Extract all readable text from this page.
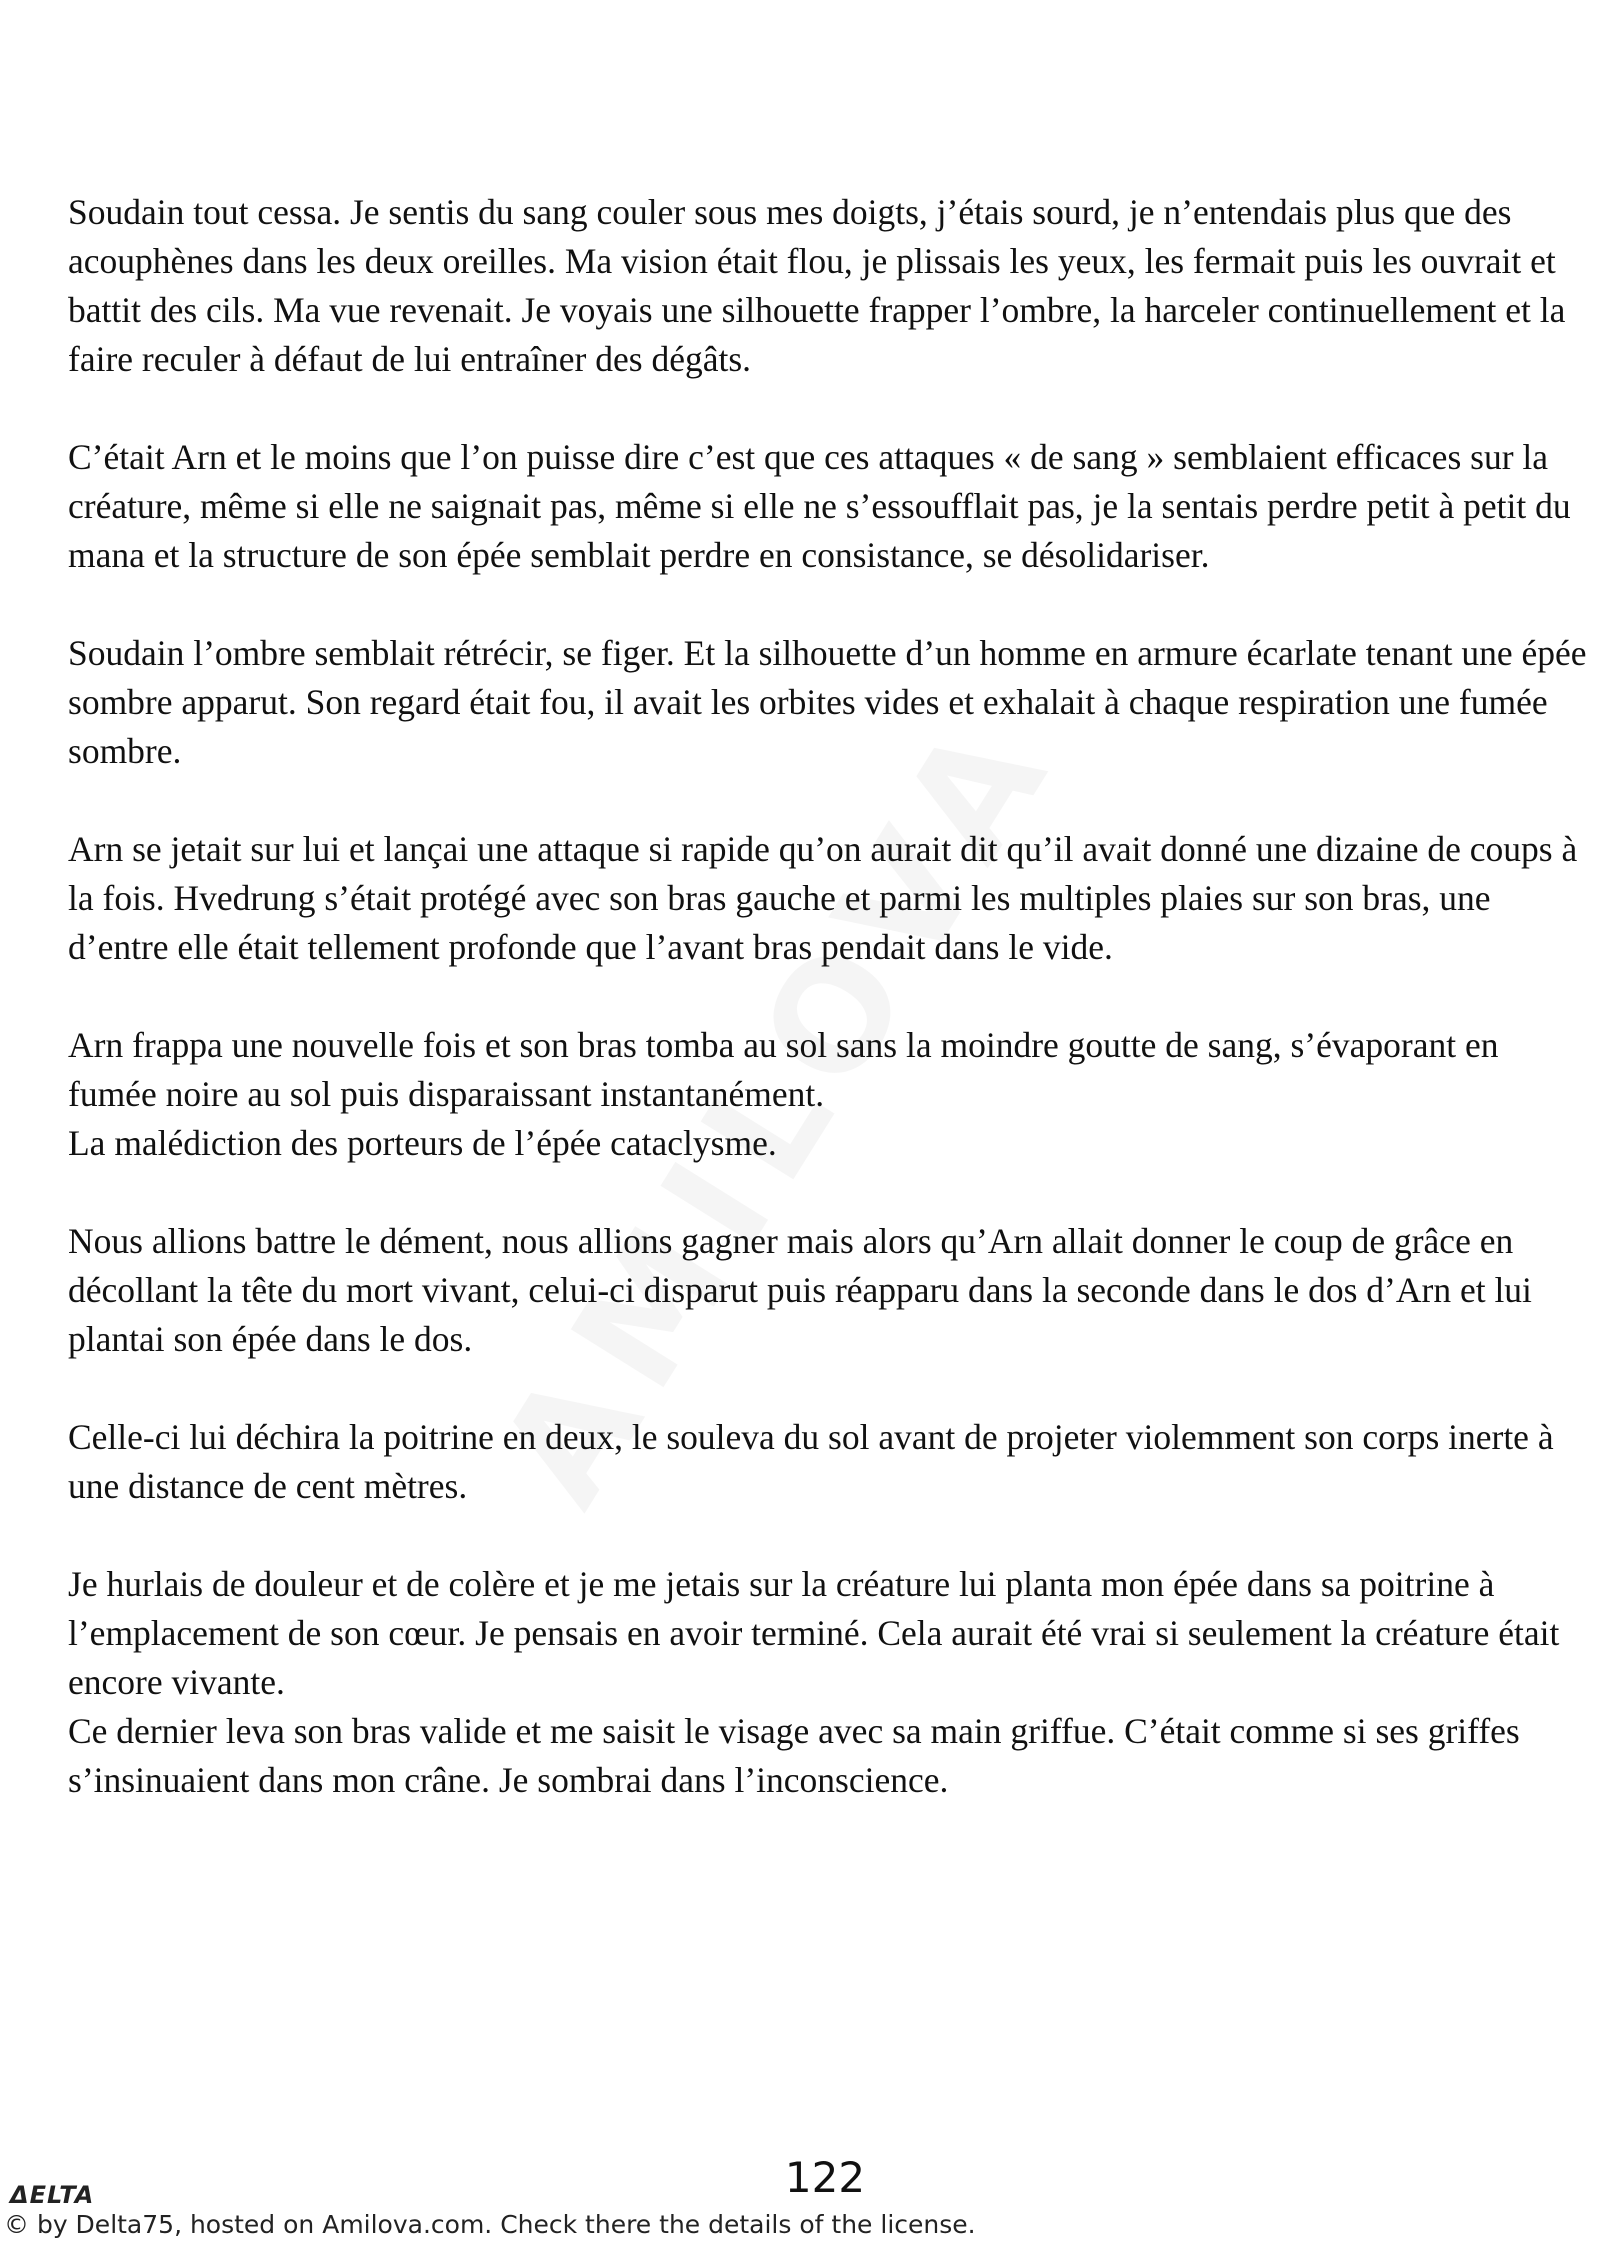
Soudain tout cessa. Je sentis du sang couler sous mes doigts, j’étais sourd, je n’entendais plus que des acouphènes dans les deux oreilles. Ma vision était flou, je plissais les yeux, les fermait puis les ouvrait et battit des cils. Ma vue revenait. Je voyais une silhouette frapper l’ombre, la harceler continuellement et la faire reculer à défaut de lui entraîner des dégâts.

C’était Arn et le moins que l’on puisse dire c’est que ces attaques « de sang » semblaient efficaces sur la créature, même si elle ne saignait pas, même si elle ne s’essoufflait pas, je la sentais perdre petit à petit du mana et la structure de son épée semblait perdre en consistance, se désolidariser.

Soudain l’ombre semblait rétrécir, se figer. Et la silhouette d’un homme en armure écarlate tenant une épée sombre apparut. Son regard était fou, il avait les orbites vides et exhalait à chaque respiration une fumée sombre.

Arn se jetait sur lui et lançai une attaque si rapide qu’on aurait dit qu’il avait donné une dizaine de coups à la fois. Hvedrung s’était protégé avec son bras gauche et parmi les multiples plaies sur son bras, une d’entre elle était tellement profonde que l’avant bras pendait dans le vide.

Arn frappa une nouvelle fois et son bras tomba au sol sans la moindre goutte de sang, s’évaporant en fumée noire au sol puis disparaissant instantanément.
La malédiction des porteurs de l’épée cataclysme.

Nous allions battre le dément, nous allions gagner mais alors qu’Arn allait donner le coup de grâce en décollant la tête du mort vivant, celui-ci disparut puis réapparu dans la seconde dans le dos d’Arn et lui plantai son épée dans le dos.

Celle-ci lui déchira la poitrine en deux, le souleva du sol avant de projeter violemment son corps inerte à une distance de cent mètres.

Je hurlais de douleur et de colère et je me jetais sur la créature lui planta mon épée dans sa poitrine à l’emplacement de son cœur. Je pensais en avoir terminé. Cela aurait été vrai si seulement la créature était encore vivante.
Ce dernier leva son bras valide et me saisit le visage avec sa main griffue. C’était comme si ses griffes s’insinuaient dans mon crâne. Je sombrai dans l’inconscience.

ΔELTA	122
© by Delta75, hosted on Amilova.com. Check there the details of the license.
